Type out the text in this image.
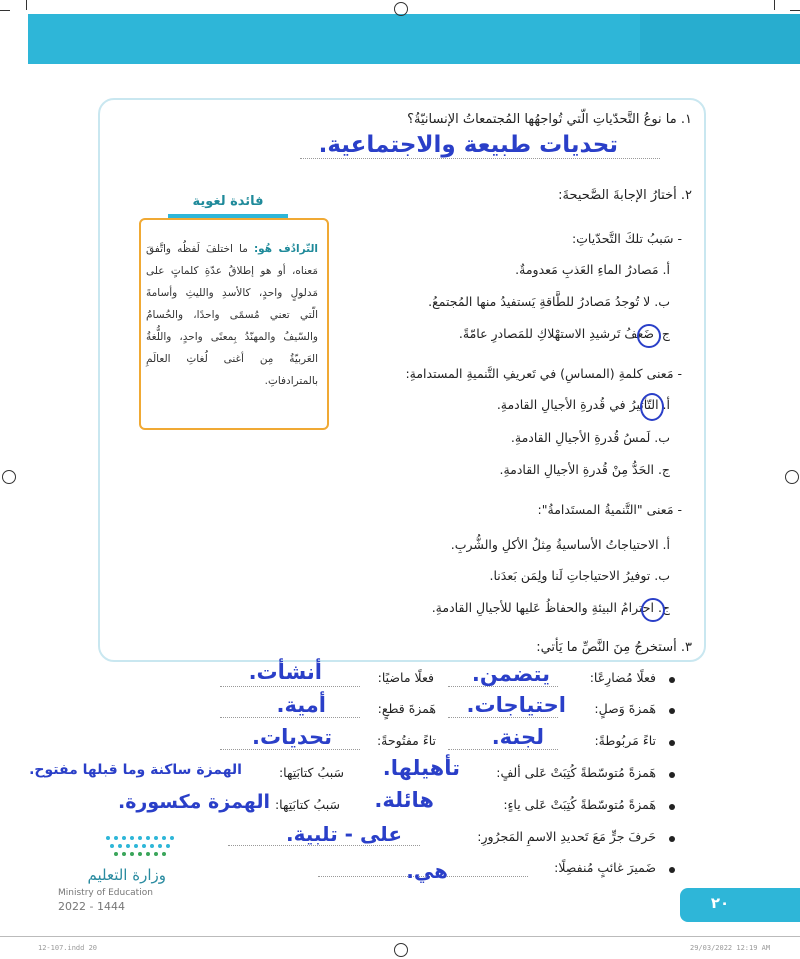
١. ما نوعُ التَّحدّياتِ الّتي تُواجهُها المُجتمعاتُ الإنسانيّةُ؟
تحديات طبيعة والاجتماعية.
٢. أختارُ الإجابةَ الصَّحيحةَ:
- سَببُ تلكَ التَّحدّياتِ:
أ. مَصادرُ الماءِ العَذبِ مَعدومةٌ.
ب. لا تُوجدُ مَصادرُ للطَّاقةِ يَستفيدُ منها المُجتمعُ.
ج. ضَعفُ تَرشيدِ الاستهْلاكِ للمَصادرِ عامّةً.
- مَعنى كلمةِ (المساسِ) في تَعريفِ التَّنميةِ المستدامةِ:
أ. التّأثيرُ في قُدرةِ الأجيالِ القادمةِ.
ب. لَمسُ قُدرةِ الأجيالِ القادمةِ.
ج. الحَدُّ مِنْ قُدرةِ الأجيالِ القادمةِ.
- مَعنى "التَّنميةُ المستَدامةُ":
أ. الاحتياجاتُ الأساسيةُ مِثلُ الأكلِ والشُّربِ.
ب. توفيرُ الاحتياجاتِ لَنا ولِمَن بَعدَنا.
ج. احترامُ البيئةِ والحفاظُ عَليها للأجيالِ القادمةِ.
فائدة لغوية
التّرادُف هُو: ما اختلفَ لَفظُه واتَّفقَ مَعناه، أو هو إطلاقُ عدّةِ كلماتٍ على مَدلولٍ واحدٍ، كالأسدِ والليثِ وأسامةَ الّتي تعني مُسمًى واحدًا، والحُسامُ والسّيفُ والمهنّدُ بِمعنًى واحدٍ، واللُّغةُ العَربيّةُ مِن أغنى لُغاتِ العالَمِ بالمترادفاتِ.
٣. أستخرجُ مِنَ النَّصِّ ما يَأتي:
فعلًا مُضارِعًا:
يتضمن.
فعلًا ماضيًا:
أنشأت.
هَمزةَ وَصلٍ:
احتياجات.
هَمزةَ قطعٍ:
أمية.
تاءً مَربُوطةً:
لجنة.
تاءً مفتُوحةً:
تحديات.
هَمزةً مُتوسّطةً كُتِبَتْ عَلى ألفٍ:
تأهيلها.
سَببُ كتابَتِها:
الهمزة ساكنة وما قبلها مفتوح.
هَمزةً مُتوسّطةً كُتِبَتْ عَلى ياءٍ:
هائلة.
سَببُ كتابَتِها:
الهمزة مكسورة.
حَرفَ جرٍّ مَعَ تَحديدِ الاسمِ المَجرُورِ:
على - تلبية.
ضَميرَ غائبٍ مُنفصِلًا:
هي.
وزارة التعليم
Ministry of Education
2022 - 1444	٢٠
12-107.indd 20	29/03/2022 12:19 AM
